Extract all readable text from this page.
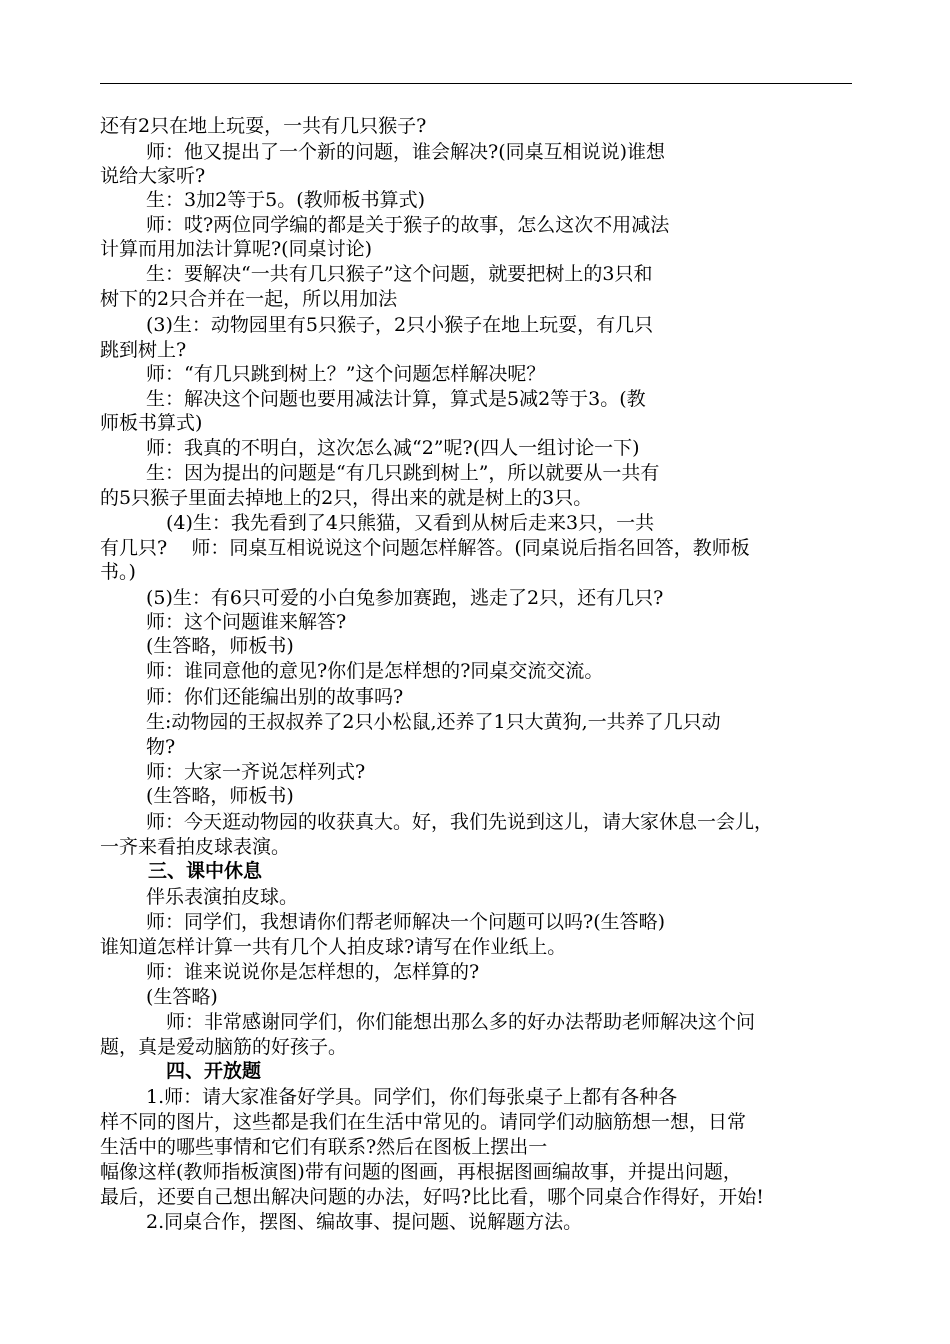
还有2只在地上玩耍，一共有几只猴子?
师：他又提出了一个新的问题，谁会解决?(同桌互相说说)谁想
说给大家听?
生：3加2等于5。(教师板书算式)
师：哎?两位同学编的都是关于猴子的故事，怎么这次不用减法
计算而用加法计算呢?(同桌讨论)
生：要解决“一共有几只猴子”这个问题，就要把树上的3只和
树下的2只合并在一起，所以用加法
(3)生：动物园里有5只猴子，2只小猴子在地上玩耍，有几只
跳到树上?
师：“有几只跳到树上？”这个问题怎样解决呢？
生：解决这个问题也要用减法计算，算式是5减2等于3。(教
师板书算式)
师：我真的不明白，这次怎么减“2”呢?(四人一组讨论一下)
生：因为提出的问题是“有几只跳到树上”，所以就要从一共有
的5只猴子里面去掉地上的2只，得出来的就是树上的3只。
(4)生：我先看到了4只熊猫，又看到从树后走来3只，一共
有几只?    师：同桌互相说说这个问题怎样解答。(同桌说后指名回答，教师板
书。)
(5)生：有6只可爱的小白兔参加赛跑，逃走了2只，还有几只?
师：这个问题谁来解答?
(生答略，师板书)
师：谁同意他的意见?你们是怎样想的?同桌交流交流。
师：你们还能编出别的故事吗?
生:动物园的王叔叔养了2只小松鼠,还养了1只大黄狗,一共养了几只动
物?
师：大家一齐说怎样列式?
(生答略，师板书)
师：今天逛动物园的收获真大。好，我们先说到这儿，请大家休息一会儿，
一齐来看拍皮球表演。
三、课中休息
伴乐表演拍皮球。
师：同学们，我想请你们帮老师解决一个问题可以吗?(生答略)
谁知道怎样计算一共有几个人拍皮球?请写在作业纸上。
师：谁来说说你是怎样想的，怎样算的?
(生答略)
师：非常感谢同学们，你们能想出那么多的好办法帮助老师解决这个问
题，真是爱动脑筋的好孩子。
四、开放题
1.师：请大家准备好学具。同学们，你们每张桌子上都有各种各
样不同的图片，这些都是我们在生活中常见的。请同学们动脑筋想一想，日常
生活中的哪些事情和它们有联系?然后在图板上摆出一
幅像这样(教师指板演图)带有问题的图画，再根据图画编故事，并提出问题，
最后，还要自己想出解决问题的办法，好吗?比比看，哪个同桌合作得好，开始!
2.同桌合作，摆图、编故事、提问题、说解题方法。
